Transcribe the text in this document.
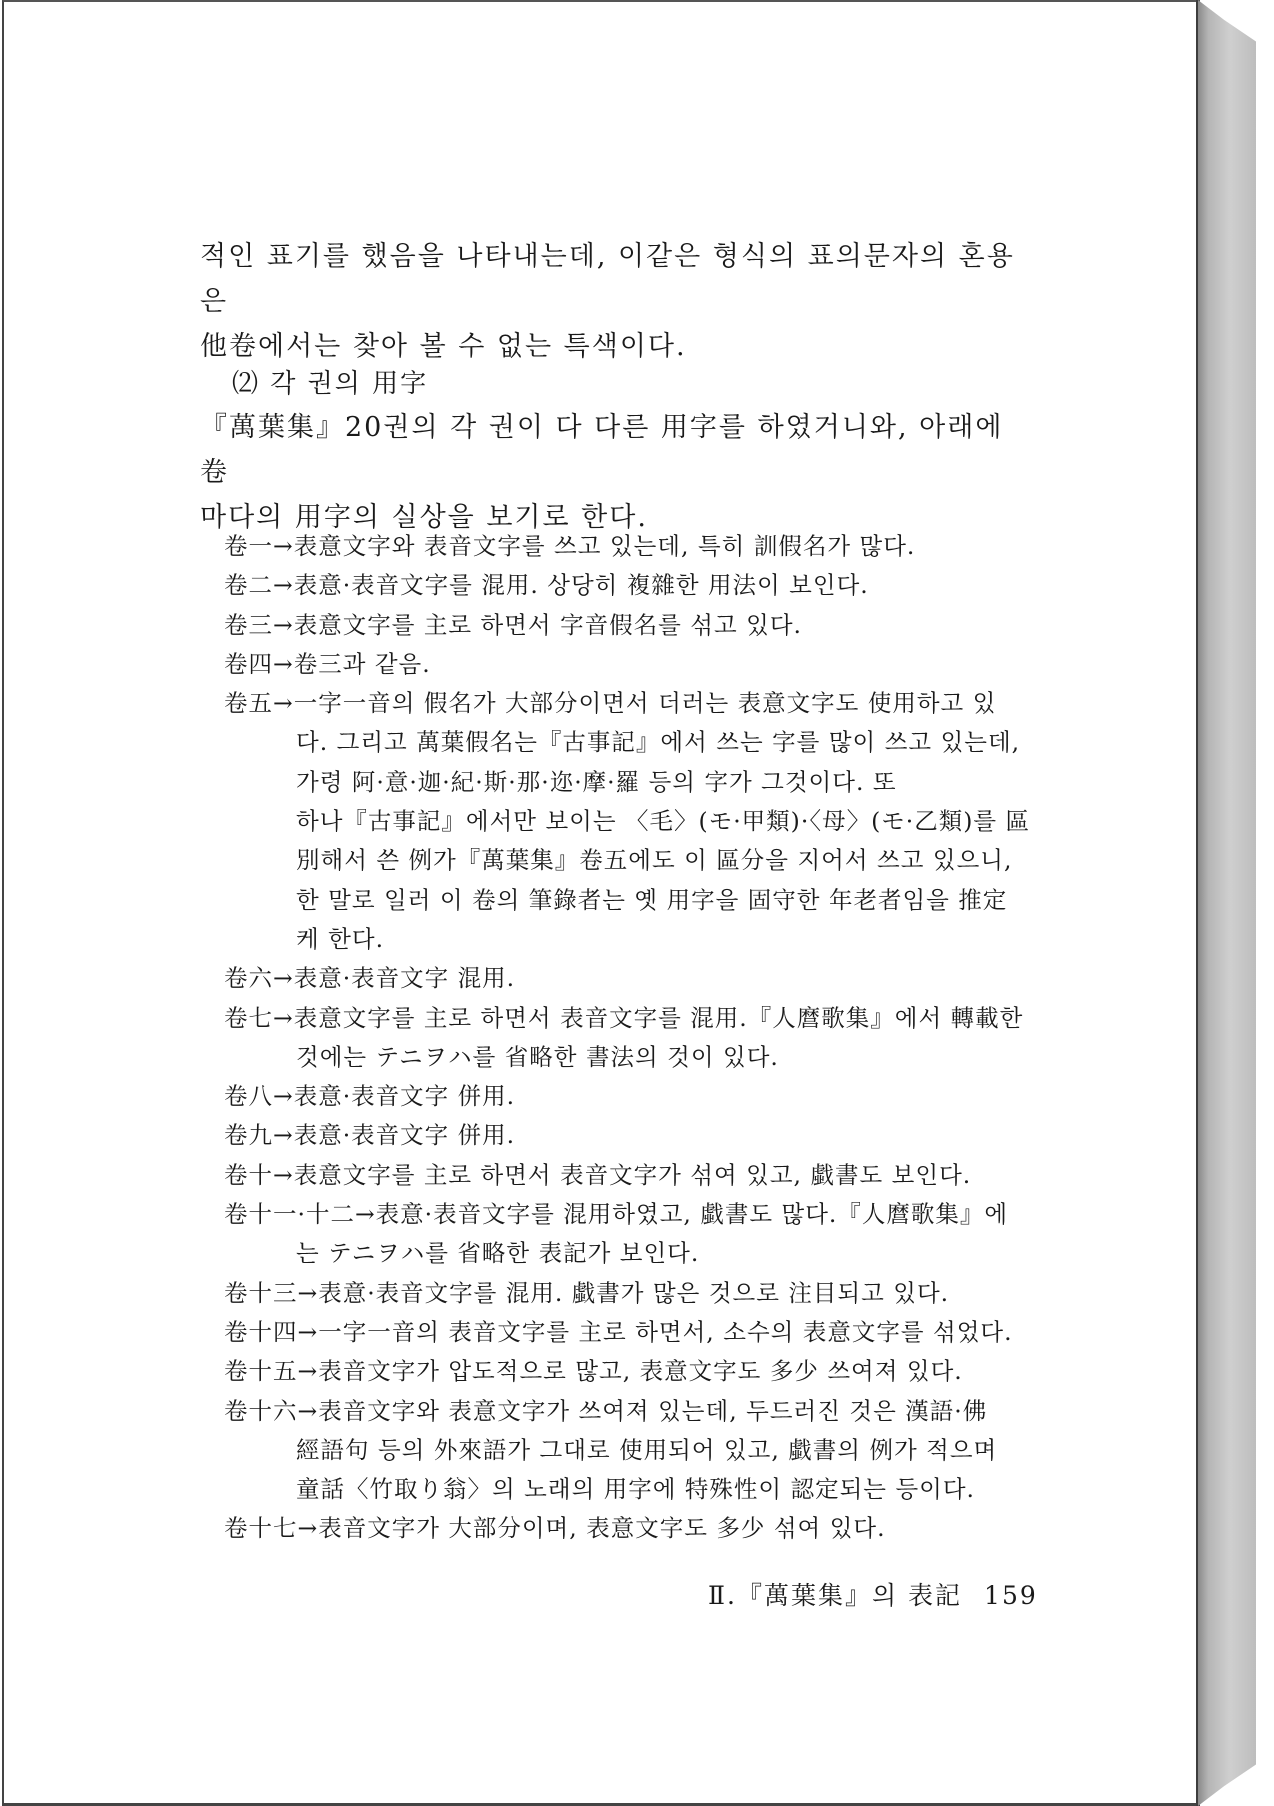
적인 표기를 했음을 나타내는데, 이같은 형식의 표의문자의 혼용은

他卷에서는 찾아 볼 수 없는 특색이다.

⑵ 각 권의 用字

『萬葉集』20권의 각 권이 다 다른 用字를 하였거니와, 아래에 卷

마다의 用字의 실상을 보기로 한다.

卷一→表意文字와 表音文字를 쓰고 있는데, 특히 訓假名가 많다.
卷二→表意·表音文字를 混用. 상당히 複雜한 用法이 보인다.
卷三→表意文字를 主로 하면서 字音假名를 섞고 있다.
卷四→卷三과 같음.
卷五→一字一音의 假名가 大部分이면서 더러는 表意文字도 使用하고 있
다. 그리고 萬葉假名는『古事記』에서 쓰는 字를 많이 쓰고 있는데,
가령 阿·意·迦·紀·斯·那·迩·摩·羅 등의 字가 그것이다. 또
하나『古事記』에서만 보이는 〈毛〉(モ·甲類)·〈母〉(モ·乙類)를 區
別해서 쓴 例가『萬葉集』卷五에도 이 區分을 지어서 쓰고 있으니,
한 말로 일러 이 卷의 筆錄者는 옛 用字을 固守한 年老者임을 推定
케 한다.
卷六→表意·表音文字 混用.
卷七→表意文字를 主로 하면서 表音文字를 混用.『人麿歌集』에서 轉載한
것에는 テニヲハ를 省略한 書法의 것이 있다.
卷八→表意·表音文字 併用.
卷九→表意·表音文字 併用.
卷十→表意文字를 主로 하면서 表音文字가 섞여 있고, 戱書도 보인다.
卷十一·十二→表意·表音文字를 混用하였고, 戱書도 많다.『人麿歌集』에
는 テニヲハ를 省略한 表記가 보인다.
卷十三→表意·表音文字를 混用. 戱書가 많은 것으로 注目되고 있다.
卷十四→一字一音의 表音文字를 主로 하면서, 소수의 表意文字를 섞었다.
卷十五→表音文字가 압도적으로 많고, 表意文字도 多少 쓰여져 있다.
卷十六→表音文字와 表意文字가 쓰여져 있는데, 두드러진 것은 漢語·佛
經語句 등의 外來語가 그대로 使用되어 있고, 戱書의 例가 적으며
童話〈竹取り翁〉의 노래의 用字에 特殊性이 認定되는 등이다.
卷十七→表音文字가 大部分이며, 表意文字도 多少 섞여 있다.
Ⅱ.『萬葉集』의 表記 159
